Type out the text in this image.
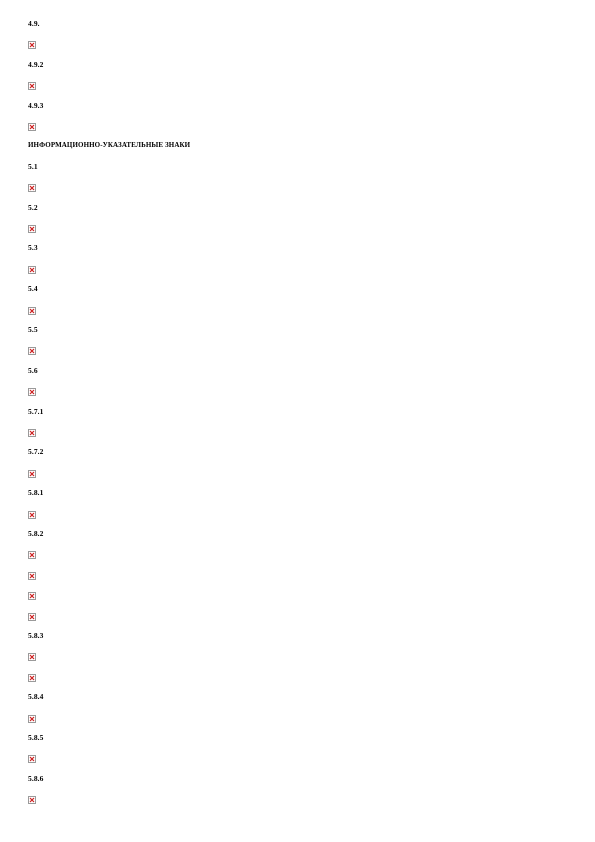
4.9.
4.9.2
4.9.3
ИНФОРМАЦИОННО-УКАЗАТЕЛЬНЫЕ ЗНАКИ
5.1
5.2
5.3
5.4
5.5
5.6
5.7.1
5.7.2
5.8.1
5.8.2
5.8.3
5.8.4
5.8.5
5.8.6
